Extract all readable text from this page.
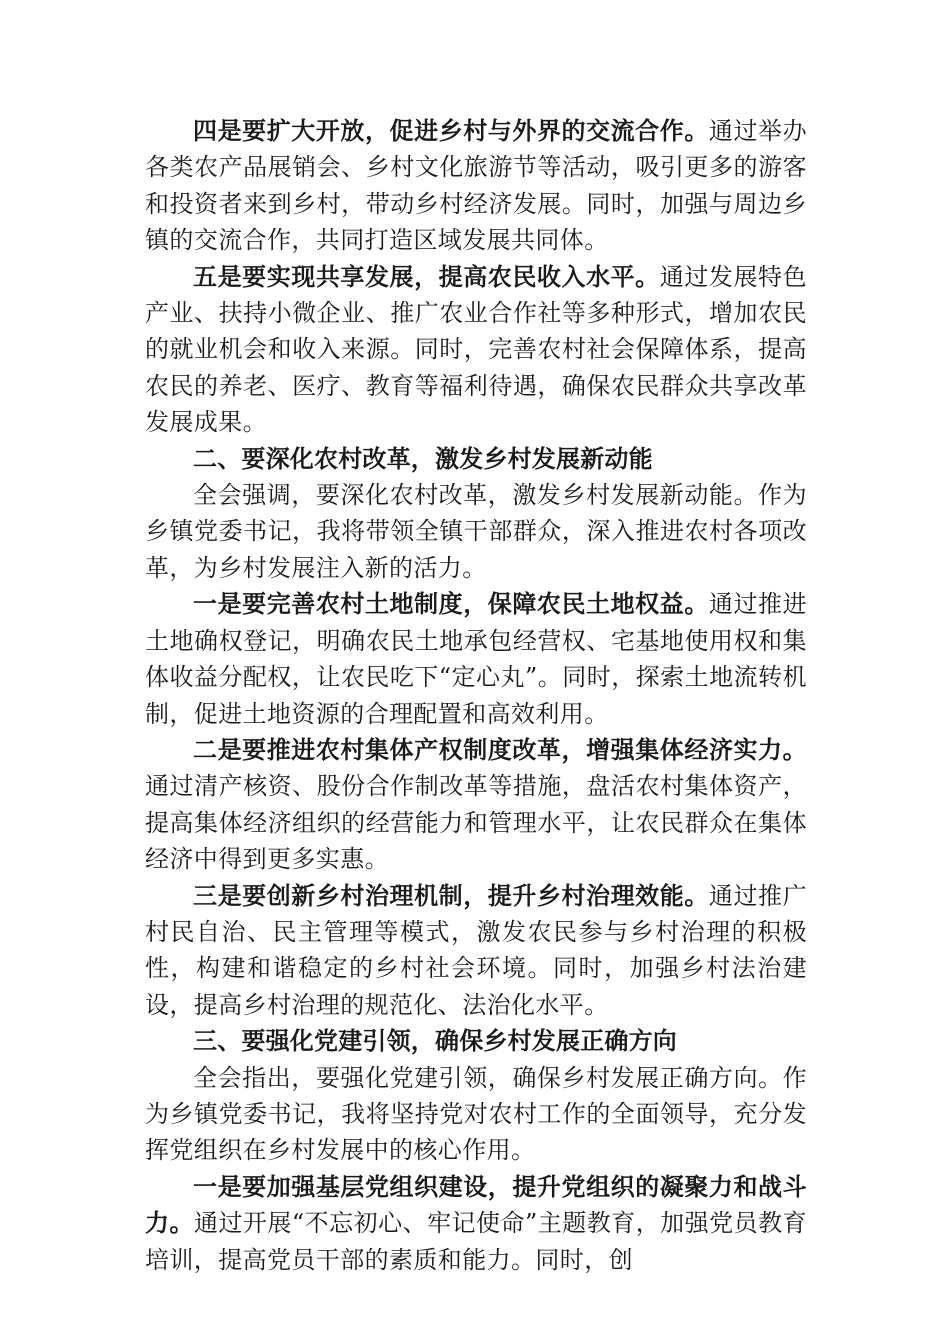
四是要扩大开放，促进乡村与外界的交流合作。通过举办各类农产品展销会、乡村文化旅游节等活动，吸引更多的游客和投资者来到乡村，带动乡村经济发展。同时，加强与周边乡镇的交流合作，共同打造区域发展共同体。

五是要实现共享发展，提高农民收入水平。通过发展特色产业、扶持小微企业、推广农业合作社等多种形式，增加农民的就业机会和收入来源。同时，完善农村社会保障体系，提高农民的养老、医疗、教育等福利待遇，确保农民群众共享改革发展成果。

二、要深化农村改革，激发乡村发展新动能

全会强调，要深化农村改革，激发乡村发展新动能。作为乡镇党委书记，我将带领全镇干部群众，深入推进农村各项改革，为乡村发展注入新的活力。

一是要完善农村土地制度，保障农民土地权益。通过推进土地确权登记，明确农民土地承包经营权、宅基地使用权和集体收益分配权，让农民吃下“定心丸”。同时，探索土地流转机制，促进土地资源的合理配置和高效利用。

二是要推进农村集体产权制度改革，增强集体经济实力。通过清产核资、股份合作制改革等措施，盘活农村集体资产，提高集体经济组织的经营能力和管理水平，让农民群众在集体经济中得到更多实惠。

三是要创新乡村治理机制，提升乡村治理效能。通过推广村民自治、民主管理等模式，激发农民参与乡村治理的积极性，构建和谐稳定的乡村社会环境。同时，加强乡村法治建设，提高乡村治理的规范化、法治化水平。

三、要强化党建引领，确保乡村发展正确方向

全会指出，要强化党建引领，确保乡村发展正确方向。作为乡镇党委书记，我将坚持党对农村工作的全面领导，充分发挥党组织在乡村发展中的核心作用。

一是要加强基层党组织建设，提升党组织的凝聚力和战斗力。通过开展“不忘初心、牢记使命”主题教育，加强党员教育培训，提高党员干部的素质和能力。同时，创
